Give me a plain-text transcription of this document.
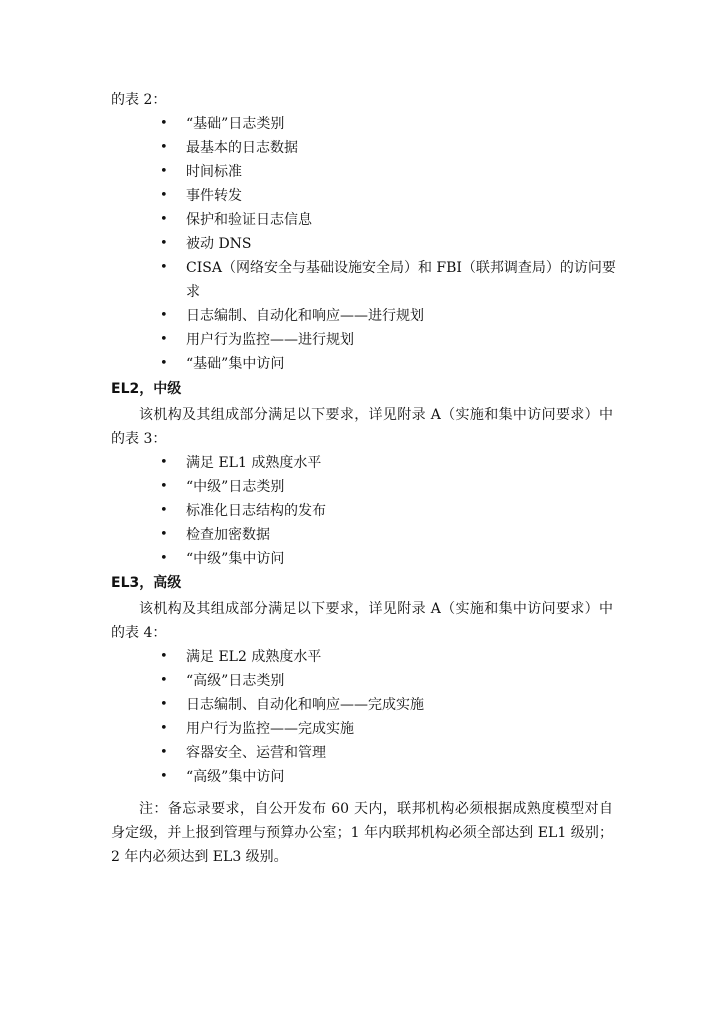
的表 2：

• “基础”日志类别
• 最基本的日志数据
• 时间标准
• 事件转发
• 保护和验证日志信息
• 被动 DNS
• CISA（网络安全与基础设施安全局）和 FBI（联邦调查局）的访问要求
• 日志编制、自动化和响应——进行规划
• 用户行为监控——进行规划
• “基础”集中访问
EL2，中级

该机构及其组成部分满足以下要求，详见附录 A（实施和集中访问要求）中的表 3：

• 满足 EL1 成熟度水平
• “中级”日志类别
• 标准化日志结构的发布
• 检查加密数据
• “中级”集中访问
EL3，高级

该机构及其组成部分满足以下要求，详见附录 A（实施和集中访问要求）中的表 4：

• 满足 EL2 成熟度水平
• “高级”日志类别
• 日志编制、自动化和响应——完成实施
• 用户行为监控——完成实施
• 容器安全、运营和管理
• “高级”集中访问

注：备忘录要求，自公开发布 60 天内，联邦机构必须根据成熟度模型对自身定级，并上报到管理与预算办公室；1 年内联邦机构必须全部达到 EL1 级别；2 年内必须达到 EL3 级别。
